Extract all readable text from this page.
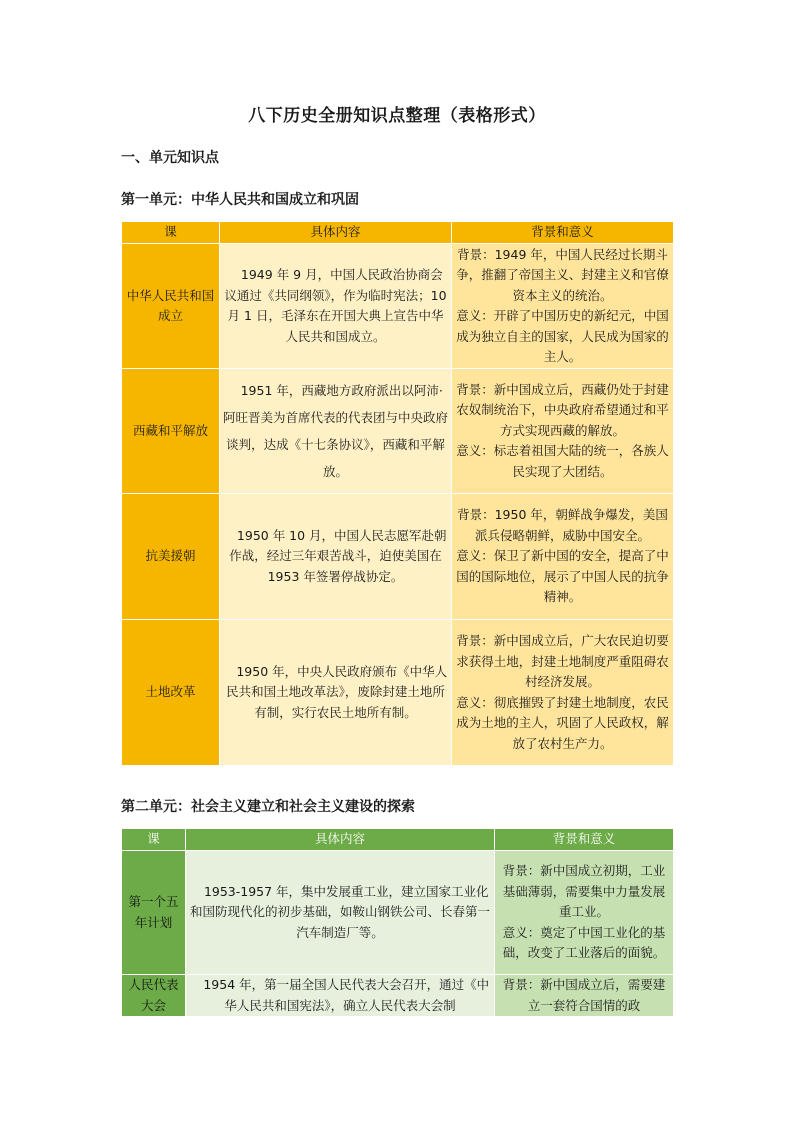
八下历史全册知识点整理（表格形式）
一、单元知识点
第一单元：中华人民共和国成立和巩固
课	具体内容	背景和意义
中华人民共和国成立	1949 年 9 月，中国人民政治协商会议通过《共同纲领》，作为临时宪法；10 月 1 日，毛泽东在开国大典上宣告中华人民共和国成立。	背景：1949 年，中国人民经过长期斗争，推翻了帝国主义、封建主义和官僚资本主义的统治。
意义：开辟了中国历史的新纪元，中国成为独立自主的国家，人民成为国家的主人。

西藏和平解放	1951 年，西藏地方政府派出以阿沛·阿旺晋美为首席代表的代表团与中央政府谈判，达成《十七条协议》，西藏和平解放。	背景：新中国成立后，西藏仍处于封建农奴制统治下，中央政府希望通过和平方式实现西藏的解放。
意义：标志着祖国大陆的统一，各族人民实现了大团结。

抗美援朝	1950 年 10 月，中国人民志愿军赴朝作战，经过三年艰苦战斗，迫使美国在 1953 年签署停战协定。	背景：1950 年，朝鲜战争爆发，美国派兵侵略朝鲜，威胁中国安全。
意义：保卫了新中国的安全，提高了中国的国际地位，展示了中国人民的抗争精神。

土地改革	1950 年，中央人民政府颁布《中华人民共和国土地改革法》，废除封建土地所有制，实行农民土地所有制。	背景：新中国成立后，广大农民迫切要求获得土地，封建土地制度严重阻碍农村经济发展。
意义：彻底摧毁了封建土地制度，农民成为土地的主人，巩固了人民政权，解放了农村生产力。
第二单元：社会主义建立和社会主义建设的探索
课	具体内容	背景和意义
第一个五年计划	1953-1957 年，集中发展重工业，建立国家工业化和国防现代化的初步基础，如鞍山钢铁公司、长春第一汽车制造厂等。	背景：新中国成立初期，工业基础薄弱，需要集中力量发展重工业。
意义：奠定了中国工业化的基础，改变了工业落后的面貌。

人民代表大会	1954 年，第一届全国人民代表大会召开，通过《中华人民共和国宪法》，确立人民代表大会制	背景：新中国成立后，需要建立一套符合国情的政
